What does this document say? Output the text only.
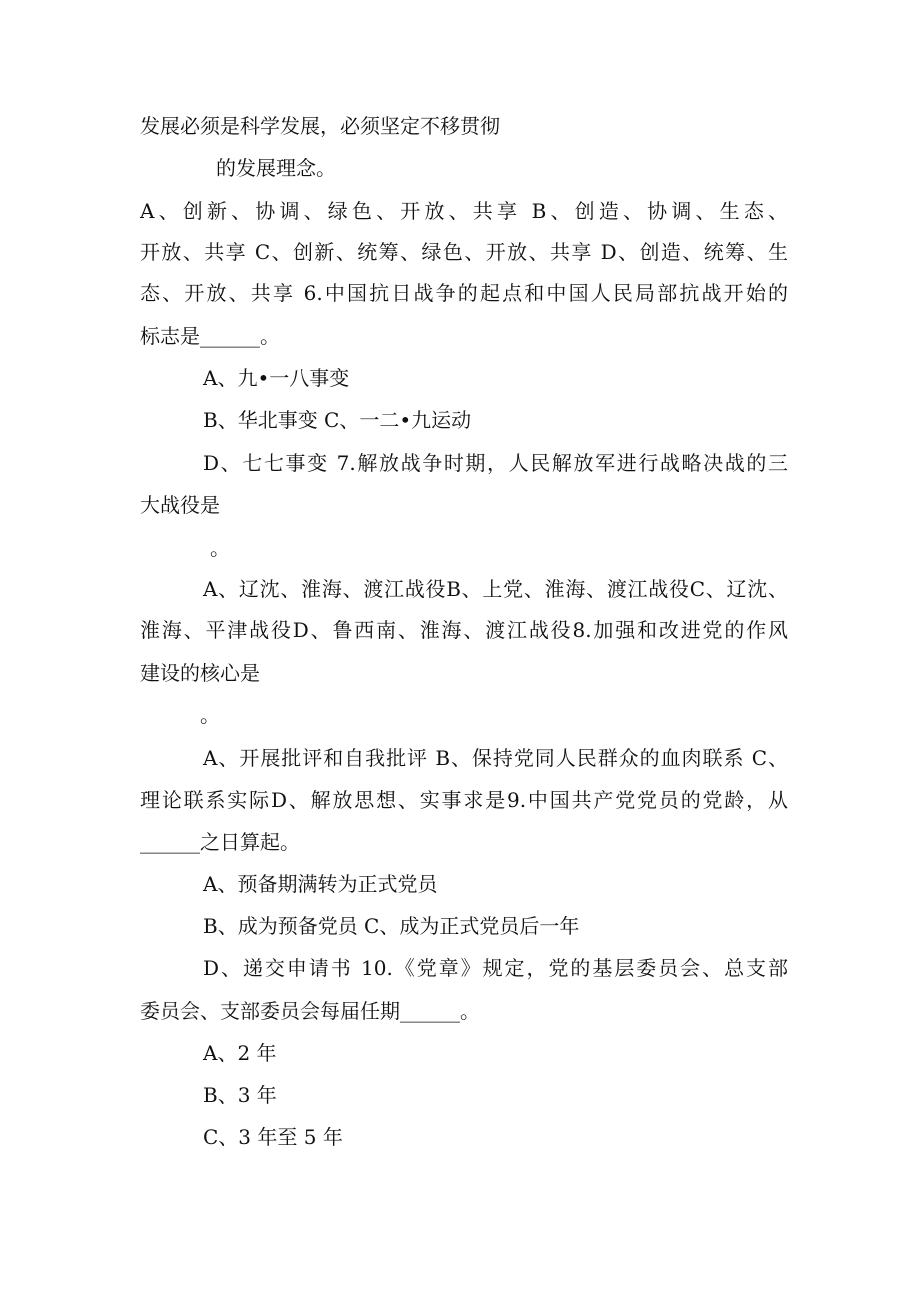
发展必须是科学发展，必须坚定不移贯彻
的发展理念。
A、创新、协调、绿色、开放、共享 B、创造、协调、生态、
开放、共享 C、创新、统筹、绿色、开放、共享 D、创造、统筹、生
态、开放、共享 6.中国抗日战争的起点和中国人民局部抗战开始的
标志是______。
A、九•一八事变
B、华北事变 C、一二•九运动
D、七七事变 7.解放战争时期，人民解放军进行战略决战的三
大战役是
。
A、辽沈、淮海、渡江战役B、上党、淮海、渡江战役C、辽沈、
淮海、平津战役D、鲁西南、淮海、渡江战役8.加强和改进党的作风
建设的核心是
。
A、开展批评和自我批评 B、保持党同人民群众的血肉联系 C、
理论联系实际D、解放思想、实事求是9.中国共产党党员的党龄，从
______之日算起。
A、预备期满转为正式党员
B、成为预备党员 C、成为正式党员后一年
D、递交申请书 10.《党章》规定，党的基层委员会、总支部
委员会、支部委员会每届任期______。
A、2 年
B、3 年
C、3 年至 5 年
